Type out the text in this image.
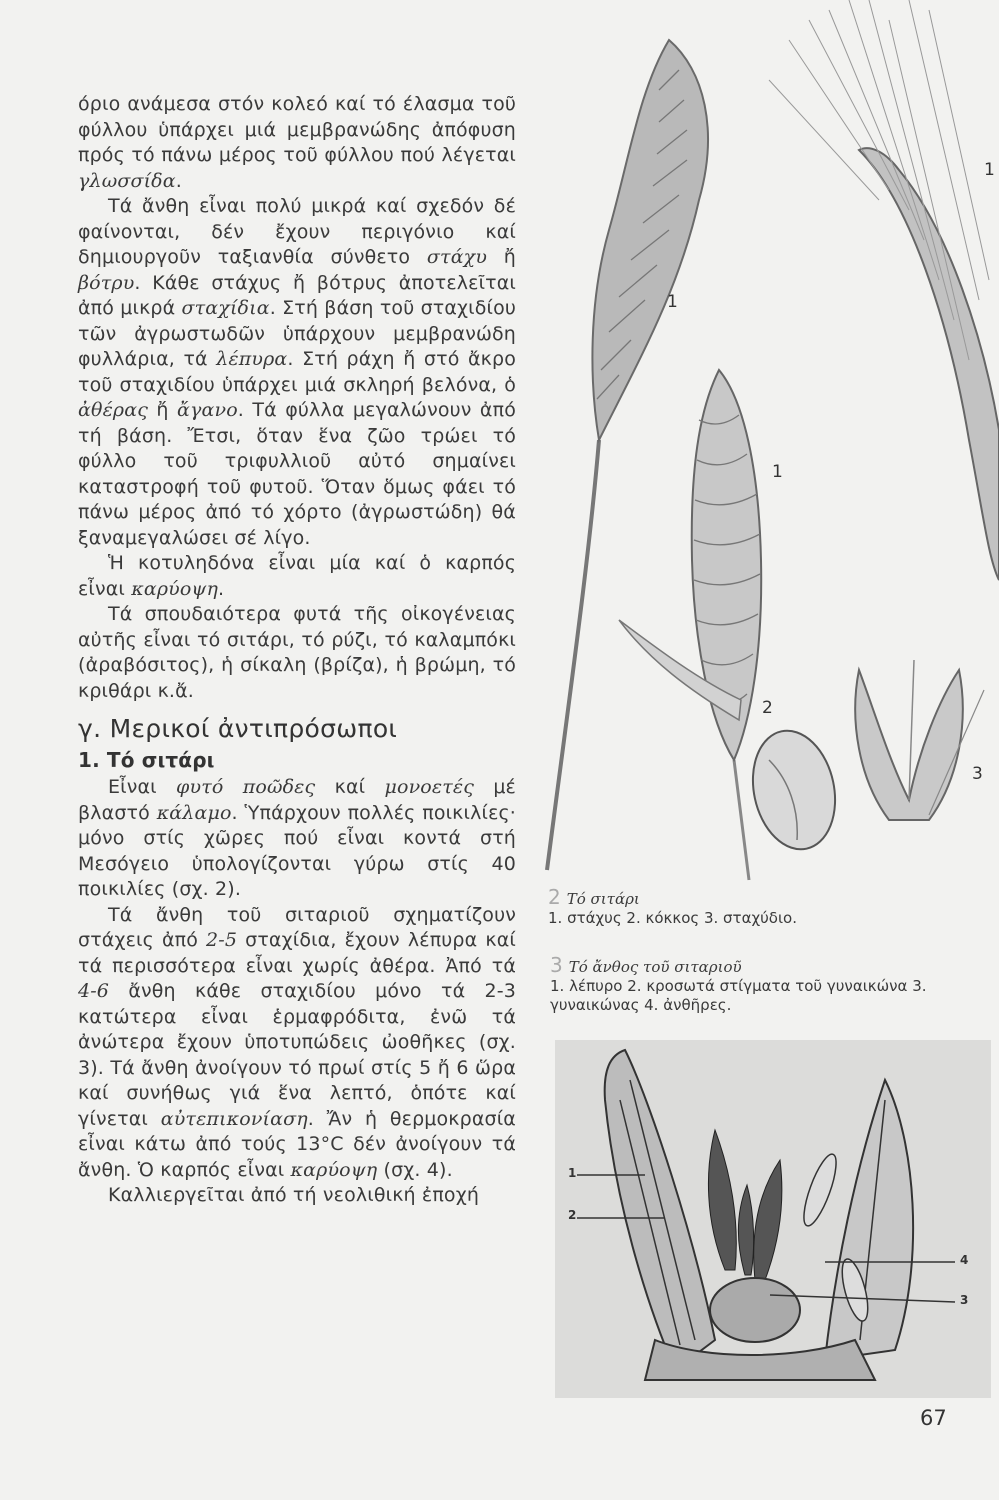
όριο ανάμεσα στόν κολεό καί τό έλασμα τοῦ φύλλου ὑπάρχει μιά μεμβρανώδης ἀπόφυση πρός τό πάνω μέρος τοῦ φύλλου πού λέγεται γλωσσίδα.

Τά ἄνθη εἶναι πολύ μικρά καί σχεδόν δέ φαίνονται, δέν ἔχουν περιγόνιο καί δημιουργοῦν ταξιανθία σύνθετο στάχυ ἤ βότρυ. Κάθε στάχυς ἤ βότρυς ἀποτελεῖται ἀπό μικρά σταχίδια. Στή βάση τοῦ σταχιδίου τῶν ἀγρωστωδῶν ὑπάρχουν μεμβρανώδη φυλλάρια, τά λέπυρα. Στή ράχη ἤ στό ἄκρο τοῦ σταχιδίου ὑπάρχει μιά σκληρή βελόνα, ὁ ἀθέρας ἤ ἄγανο. Τά φύλλα μεγαλώνουν ἀπό τή βάση. Ἔτσι, ὅταν ἕνα ζῶο τρώει τό φύλλο τοῦ τριφυλλιοῦ αὐτό σημαίνει καταστροφή τοῦ φυτοῦ. Ὅταν ὅμως φάει τό πάνω μέρος ἀπό τό χόρτο (ἀγρωστώδη) θά ξαναμεγαλώσει σέ λίγο.

Ἡ κοτυληδόνα εἶναι μία καί ὁ καρπός εἶναι καρύοψη.

Τά σπουδαιότερα φυτά τῆς οἰκογένειας αὐτῆς εἶναι τό σιτάρι, τό ρύζι, τό καλαμπόκι (ἀραβόσιτος), ἡ σίκαλη (βρίζα), ἡ βρώμη, τό κριθάρι κ.ἄ.

γ. Μερικοί ἀντιπρόσωποι
1. Τό σιτάρι

Εἶναι φυτό ποῶδες καί μονοετές μέ βλαστό κάλαμο. Ὑπάρχουν πολλές ποικιλίες· μόνο στίς χῶρες πού εἶναι κοντά στή Μεσόγειο ὑπολογίζονται γύρω στίς 40 ποικιλίες (σχ. 2).

Τά ἄνθη τοῦ σιταριοῦ σχηματίζουν στάχεις ἀπό 2-5 σταχίδια, ἔχουν λέπυρα καί τά περισσότερα εἶναι χωρίς ἀθέρα. Ἀπό τά 4-6 ἄνθη κάθε σταχιδίου μόνο τά 2-3 κατώτερα εἶναι ἑρμαφρόδιτα, ἐνῶ τά ἀνώτερα ἔχουν ὑποτυπώδεις ὠοθῆκες (σχ. 3). Τά ἄνθη ἀνοίγουν τό πρωί στίς 5 ἤ 6 ὥρα καί συνήθως γιά ἕνα λεπτό, ὁπότε καί γίνεται αὐτεπικονίαση. Ἄν ἡ θερμοκρασία εἶναι κάτω ἀπό τούς 13°C δέν ἀνοίγουν τά ἄνθη. Ὁ καρπός εἶναι καρύοψη (σχ. 4).

Καλλιεργεῖται ἀπό τή νεολιθική ἐποχή

1
1
1
2
3
2 Τό σιτάρι
1. στάχυς 2. κόκκος 3. σταχύδιο.
3 Τό ἄνθος τοῦ σιταριοῦ
1. λέπυρο 2. κροσωτά στίγματα τοῦ γυναικώνα 3. γυναικώνας 4. ἀνθῆρες.
1
2
4
3
67
